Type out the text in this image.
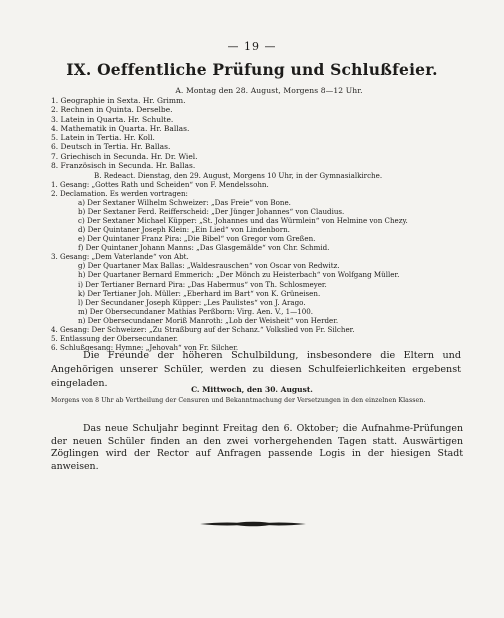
— 19 —
IX. Oeffentliche Prüfung und Schlußfeier.
A. Montag den 28. August, Morgens 8—12 Uhr.
1. Geographie in Sexta. Hr. Grimm.
2. Rechnen in Quinta. Derselbe.
3. Latein in Quarta. Hr. Schulte.
4. Mathematik in Quarta. Hr. Ballas.
5. Latein in Tertia. Hr. Koll.
6. Deutsch in Tertia. Hr. Ballas.
7. Griechisch in Secunda. Hr. Dr. Wiel.
8. Französisch in Secunda. Hr. Ballas.
B. Redeact. Dienstag, den 29. August, Morgens 10 Uhr, in der Gymnasialkirche.
1. Gesang: „Gottes Rath und Scheiden“ von F. Mendelssohn.
2. Declamation. Es werden vortragen:
a) Der Sextaner Wilhelm Schweizer: „Das Freie“ von Bone.
b) Der Sextaner Ferd. Reifferscheid: „Der Jünger Johannes“ von Claudius.
c) Der Sextaner Michael Küpper: „St. Johannes und das Würmlein“ von Helmine von Chezy.
d) Der Quintaner Joseph Klein: „Ein Lied“ von Lindenborn.
e) Der Quintaner Franz Pira: „Die Bibel“ von Gregor vom Greßen.
f) Der Quintaner Johann Manns: „Das Glasgemälde“ von Chr. Schmid.
3. Gesang: „Dem Vaterlande“ von Abt.
g) Der Quartaner Max Ballas: „Waldesrauschen“ von Oscar von Redwitz.
h) Der Quartaner Bernard Emmerich: „Der Mönch zu Heisterbach“ von Wolfgang Müller.
i) Der Tertianer Bernard Pira: „Das Habermus“ von Th. Schlosmeyer.
k) Der Tertianer Joh. Müller: „Eberhard im Bart“ von K. Grüneisen.
l) Der Secundaner Joseph Küpper: „Les Paulistes“ von J. Arago.
m) Der Obersecundaner Mathias Perßborn: Virg. Aen. V., 1—100.
n) Der Obersecundaner Moriß Manroth: „Lob der Weisheit“ von Herder.
4. Gesang: Der Schweizer: „Zu Straßburg auf der Schanz.“ Volkslied von Fr. Silcher.
5. Entlassung der Obersecundaner.
6. Schlußgesang: Hymne: „Jehovah“ von Fr. Silcher.
Die Freunde der höheren Schulbildung, insbesondere die Eltern und Angehörigen unserer Schüler, werden zu diesen Schulfeierlichkeiten ergebenst eingeladen.
C. Mittwoch, den 30. August.
Morgens von 8 Uhr ab Vertheilung der Censuren und Bekanntmachung der Versetzungen in den einzelnen Klassen.
Das neue Schuljahr beginnt Freitag den 6. Oktober; die Aufnahme-Prüfungen der neuen Schüler finden an den zwei vorhergehenden Tagen statt. Auswärtigen Zöglingen wird der Rector auf Anfragen passende Logis in der hiesigen Stadt anweisen.
